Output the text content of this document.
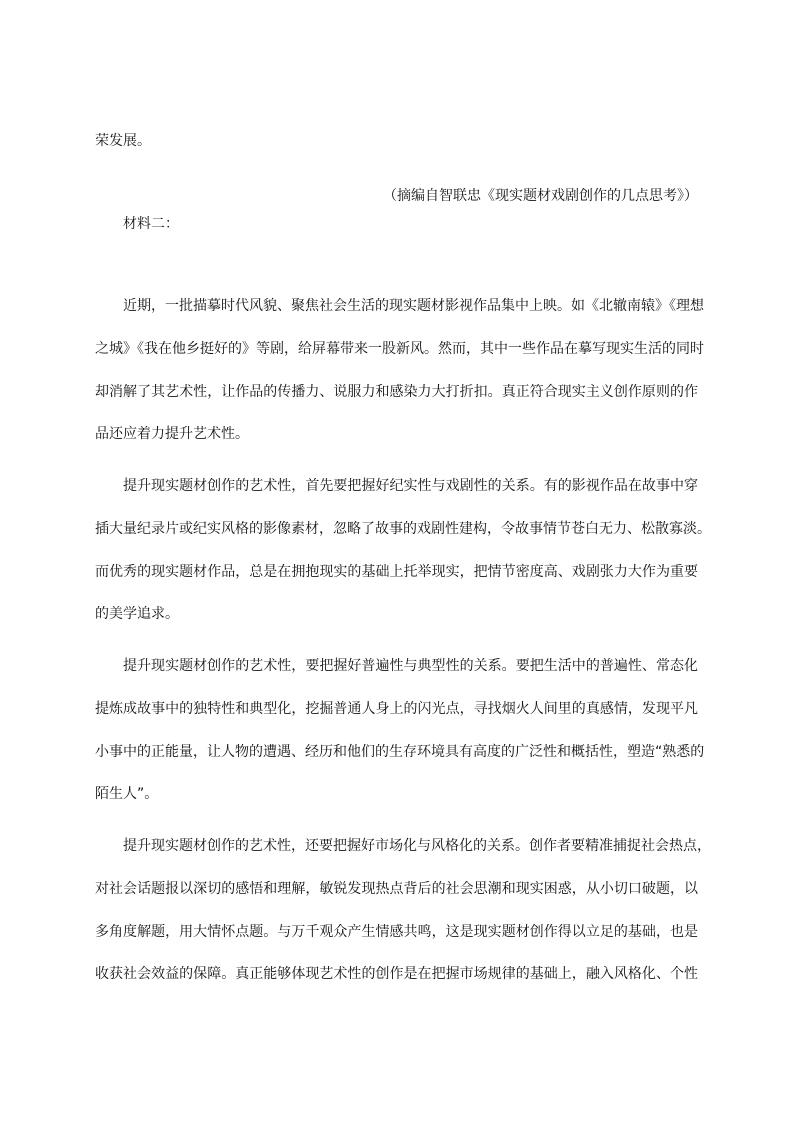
荣发展。
（摘编自智联忠《现实题材戏剧创作的几点思考》）
材料二：
近期，一批描摹时代风貌、聚焦社会生活的现实题材影视作品集中上映。如《北辙南辕》《理想
之城》《我在他乡挺好的》等剧，给屏幕带来一股新风。然而，其中一些作品在摹写现实生活的同时
却消解了其艺术性，让作品的传播力、说服力和感染力大打折扣。真正符合现实主义创作原则的作
品还应着力提升艺术性。
提升现实题材创作的艺术性，首先要把握好纪实性与戏剧性的关系。有的影视作品在故事中穿
插大量纪录片或纪实风格的影像素材，忽略了故事的戏剧性建构，令故事情节苍白无力、松散寡淡。
而优秀的现实题材作品，总是在拥抱现实的基础上托举现实，把情节密度高、戏剧张力大作为重要
的美学追求。
提升现实题材创作的艺术性，要把握好普遍性与典型性的关系。要把生活中的普遍性、常态化
提炼成故事中的独特性和典型化，挖掘普通人身上的闪光点，寻找烟火人间里的真感情，发现平凡
小事中的正能量，让人物的遭遇、经历和他们的生存环境具有高度的广泛性和概括性，塑造“熟悉的
陌生人”。
提升现实题材创作的艺术性，还要把握好市场化与风格化的关系。创作者要精准捕捉社会热点，
对社会话题报以深切的感悟和理解，敏锐发现热点背后的社会思潮和现实困惑，从小切口破题，以
多角度解题，用大情怀点题。与万千观众产生情感共鸣，这是现实题材创作得以立足的基础，也是
收获社会效益的保障。真正能够体现艺术性的创作是在把握市场规律的基础上，融入风格化、个性
